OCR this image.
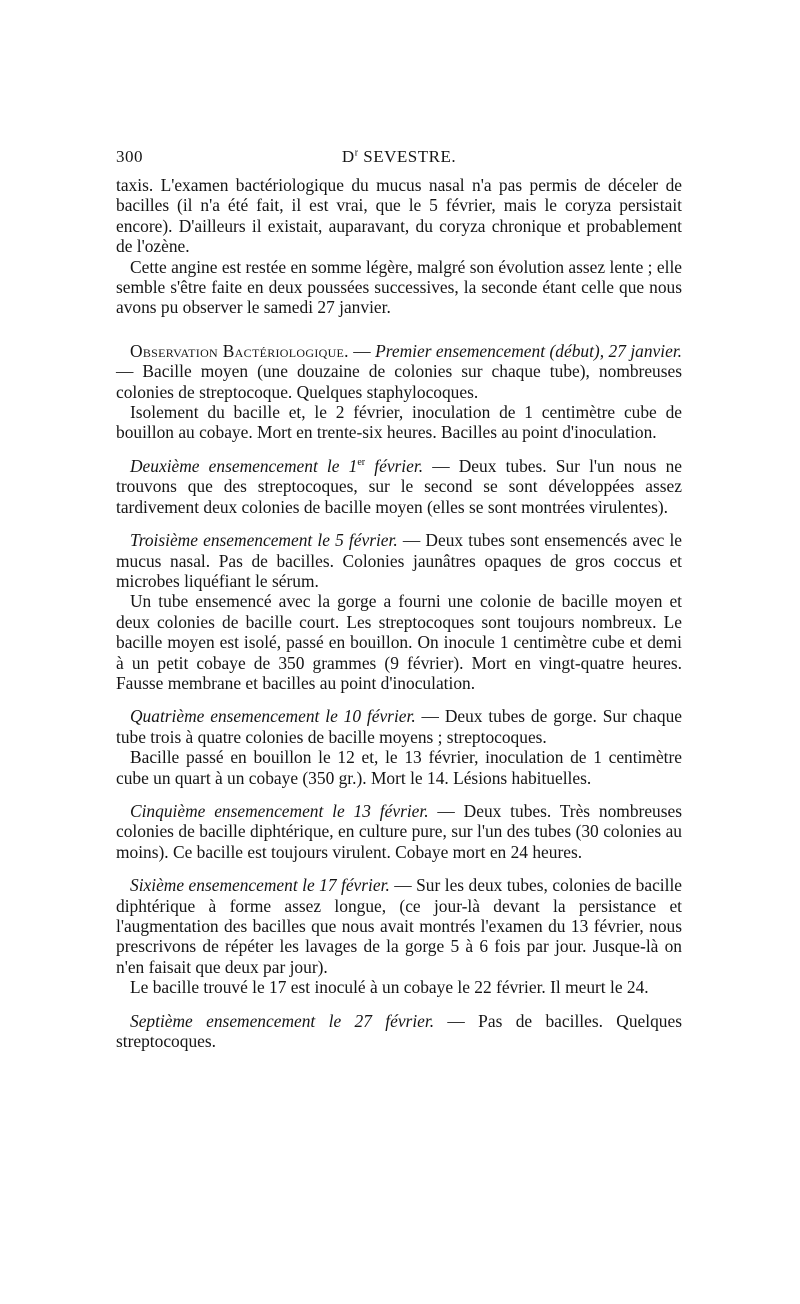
300	$D^r$ SEVESTRE.

taxis. L'examen bactériologique du mucus nasal n'a pas permis de déceler de bacilles (il n'a été fait, il est vrai, que le 5 février, mais le coryza persistait encore). D'ailleurs il existait, auparavant, du coryza chronique et probablement de l'ozène.

Cette angine est restée en somme légère, malgré son évolution assez lente ; elle semble s'être faite en deux poussées successives, la seconde étant celle que nous avons pu observer le samedi 27 janvier.

Observation Bactériologique. — Premier ensemencement (début), 27 janvier. — Bacille moyen (une douzaine de colonies sur chaque tube), nombreuses colonies de streptocoque. Quelques staphylocoques.

Isolement du bacille et, le 2 février, inoculation de 1 centimètre cube de bouillon au cobaye. Mort en trente-six heures. Bacilles au point d'inoculation.

Deuxième ensemencement le 1er février. — Deux tubes. Sur l'un nous ne trouvons que des streptocoques, sur le second se sont développées assez tardivement deux colonies de bacille moyen (elles se sont montrées virulentes).

Troisième ensemencement le 5 février. — Deux tubes sont ensemencés avec le mucus nasal. Pas de bacilles. Colonies jaunâtres opaques de gros coccus et microbes liquéfiant le sérum.

Un tube ensemencé avec la gorge a fourni une colonie de bacille moyen et deux colonies de bacille court. Les streptocoques sont toujours nombreux. Le bacille moyen est isolé, passé en bouillon. On inocule 1 centimètre cube et demi à un petit cobaye de 350 grammes (9 février). Mort en vingt-quatre heures. Fausse membrane et bacilles au point d'inoculation.

Quatrième ensemencement le 10 février. — Deux tubes de gorge. Sur chaque tube trois à quatre colonies de bacille moyens ; streptocoques.

Bacille passé en bouillon le 12 et, le 13 février, inoculation de 1 centimètre cube un quart à un cobaye (350 gr.). Mort le 14. Lésions habituelles.

Cinquième ensemencement le 13 février. — Deux tubes. Très nombreuses colonies de bacille diphtérique, en culture pure, sur l'un des tubes (30 colonies au moins). Ce bacille est toujours virulent. Cobaye mort en 24 heures.

Sixième ensemencement le 17 février. — Sur les deux tubes, colonies de bacille diphtérique à forme assez longue, (ce jour-là devant la persistance et l'augmentation des bacilles que nous avait montrés l'examen du 13 février, nous prescrivons de répéter les lavages de la gorge 5 à 6 fois par jour. Jusque-là on n'en faisait que deux par jour).

Le bacille trouvé le 17 est inoculé à un cobaye le 22 février. Il meurt le 24.

Septième ensemencement le 27 février. — Pas de bacilles. Quelques streptocoques.
